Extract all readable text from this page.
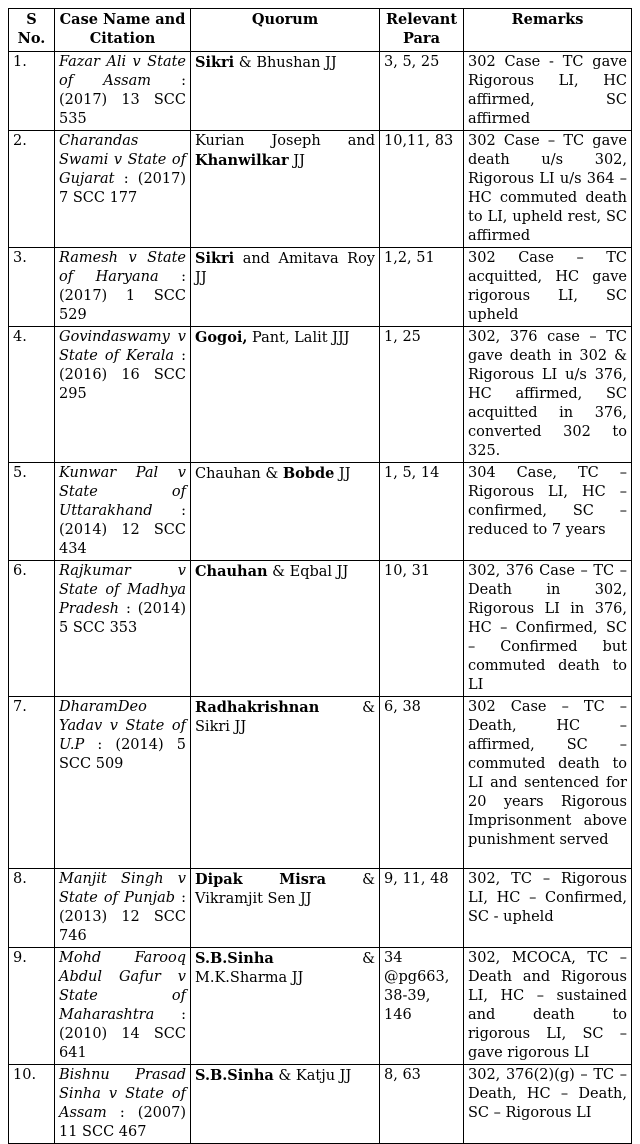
S No.	Case Name and Citation	Quorum	Relevant Para	Remarks
1.	Fazar Ali v State of Assam : (2017) 13 SCC 535	Sikri & Bhushan JJ	3, 5, 25	302 Case - TC gave Rigorous LI, HC affirmed, SC affirmed
2.	Charandas Swami v State of Gujarat : (2017) 7 SCC 177	Kurian Joseph and Khanwilkar JJ	10,11, 83	302 Case – TC gave death u/s 302, Rigorous LI u/s 364 – HC commuted death to LI, upheld rest, SC affirmed
3.	Ramesh v State of Haryana : (2017) 1 SCC 529	Sikri and Amitava Roy JJ	1,2, 51	302 Case – TC acquitted, HC gave rigorous LI, SC upheld
4.	Govindaswamy v State of Kerala : (2016) 16 SCC 295	Gogoi, Pant, Lalit JJJ	1, 25	302, 376 case – TC gave death in 302 & Rigorous LI u/s 376, HC affirmed, SC acquitted in 376, converted 302 to 325.
5.	Kunwar Pal v State of Uttarakhand : (2014) 12 SCC 434	Chauhan & Bobde JJ	1, 5, 14	304 Case, TC – Rigorous LI, HC – confirmed, SC – reduced to 7 years
6.	Rajkumar v State of Madhya Pradesh : (2014) 5 SCC 353	Chauhan & Eqbal JJ	10, 31	302, 376 Case – TC – Death in 302, Rigorous LI in 376, HC – Confirmed, SC – Confirmed but commuted death to LI
7.	DharamDeo Yadav v State of U.P : (2014) 5 SCC 509	Radhakrishnan & Sikri JJ	6, 38	302 Case – TC – Death, HC – affirmed, SC – commuted death to LI and sentenced for 20 years Rigorous Imprisonment above punishment served
8.	Manjit Singh v State of Punjab : (2013) 12 SCC 746	Dipak Misra & Vikramjit Sen JJ	9, 11, 48	302, TC – Rigorous LI, HC – Confirmed, SC - upheld
9.	Mohd Farooq Abdul Gafur v State of Maharashtra : (2010) 14 SCC 641	S.B.Sinha & M.K.Sharma JJ	34 @pg663, 38-39, 146	302, MCOCA, TC – Death and Rigorous LI, HC – sustained and death to rigorous LI, SC – gave rigorous LI
10.	Bishnu Prasad Sinha v State of Assam : (2007) 11 SCC 467	S.B.Sinha & Katju JJ	8, 63	302, 376(2)(g) – TC – Death, HC – Death, SC – Rigorous LI
